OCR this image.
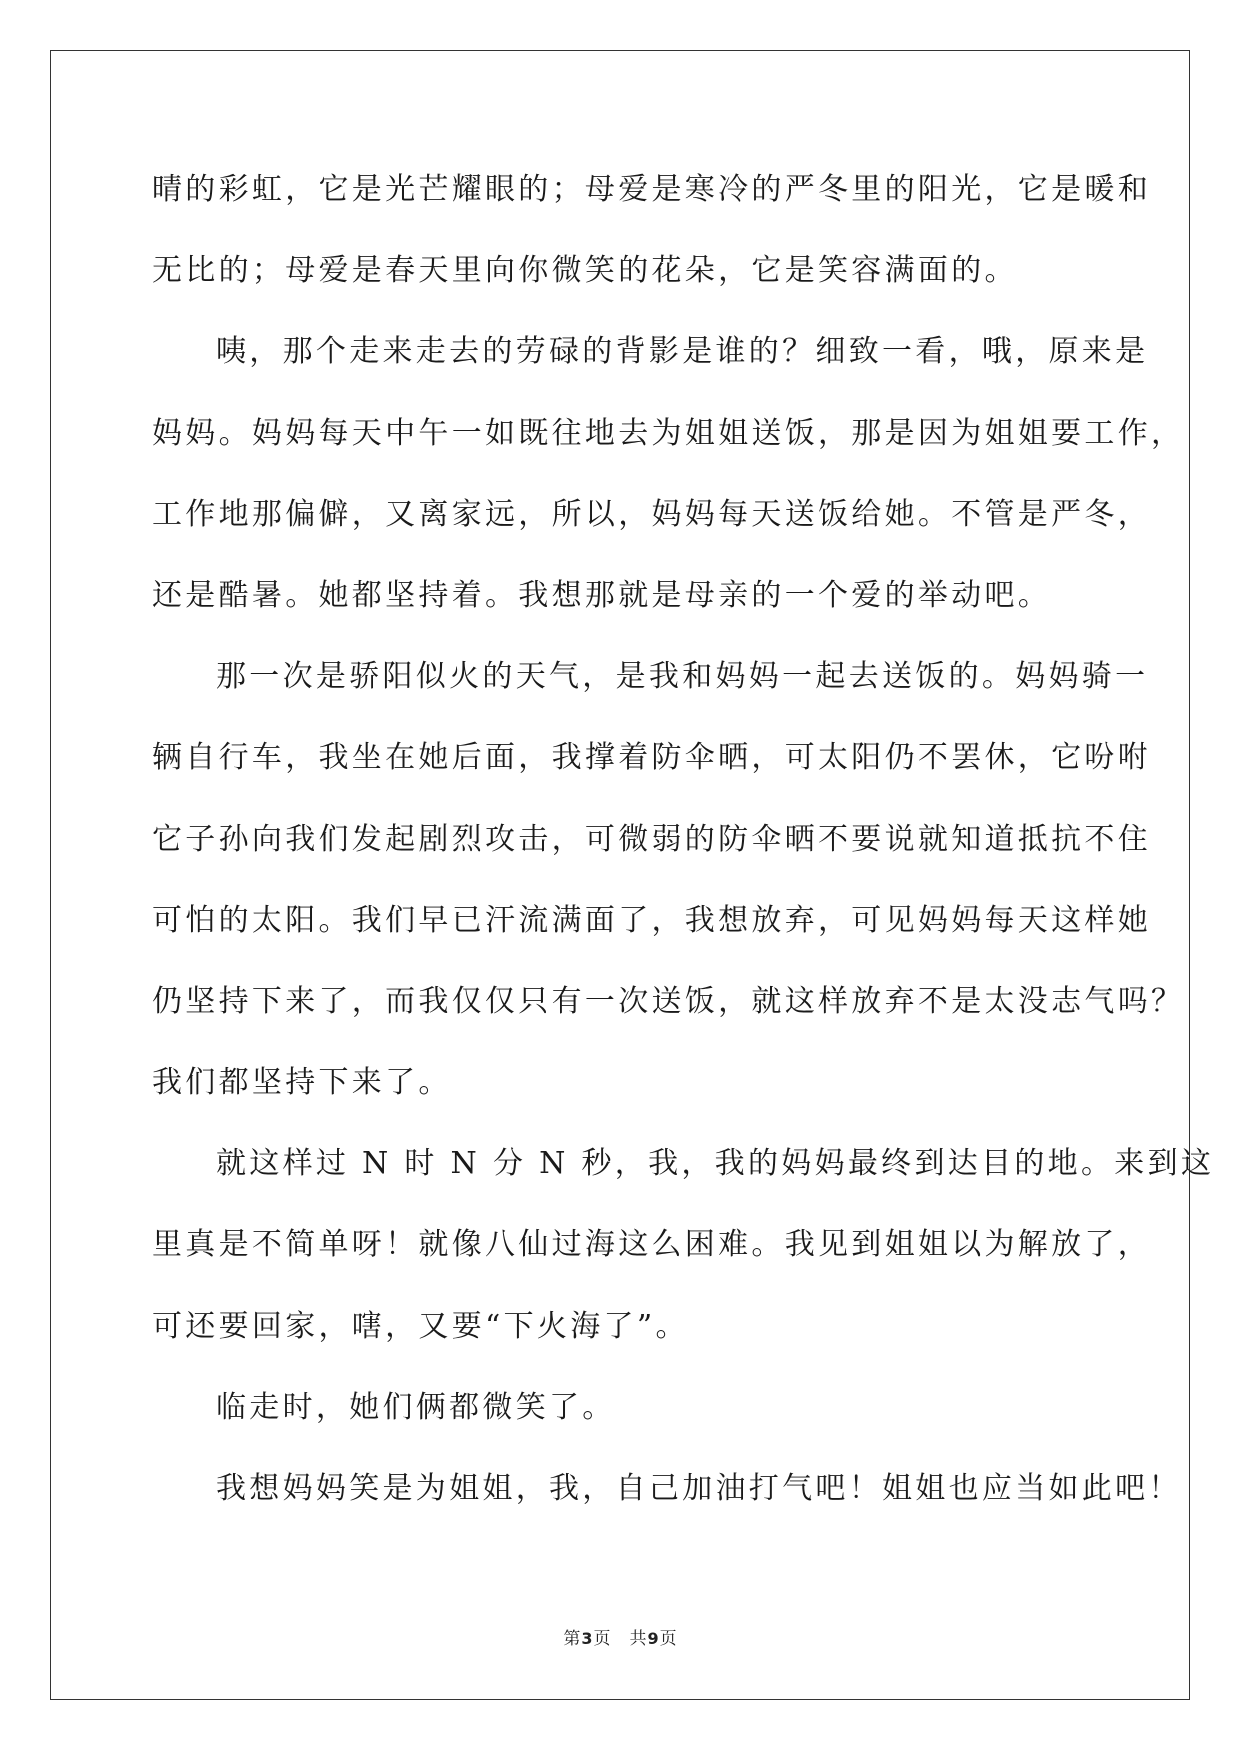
晴的彩虹，它是光芒耀眼的；母爱是寒冷的严冬里的阳光，它是暖和
无比的；母爱是春天里向你微笑的花朵，它是笑容满面的。
咦，那个走来走去的劳碌的背影是谁的？细致一看，哦，原来是
妈妈。妈妈每天中午一如既往地去为姐姐送饭，那是因为姐姐要工作，
工作地那偏僻，又离家远，所以，妈妈每天送饭给她。不管是严冬，
还是酷暑。她都坚持着。我想那就是母亲的一个爱的举动吧。
那一次是骄阳似火的天气，是我和妈妈一起去送饭的。妈妈骑一
辆自行车，我坐在她后面，我撑着防伞晒，可太阳仍不罢休，它吩咐
它子孙向我们发起剧烈攻击，可微弱的防伞晒不要说就知道抵抗不住
可怕的太阳。我们早已汗流满面了，我想放弃，可见妈妈每天这样她
仍坚持下来了，而我仅仅只有一次送饭，就这样放弃不是太没志气吗？
我们都坚持下来了。
就这样过 N 时 N 分 N 秒，我，我的妈妈最终到达目的地。来到这
里真是不简单呀！就像八仙过海这么困难。我见到姐姐以为解放了，
可还要回家，嗐，又要“下火海了”。
临走时，她们俩都微笑了。
我想妈妈笑是为姐姐，我，自己加油打气吧！姐姐也应当如此吧！
第3页 共9页
